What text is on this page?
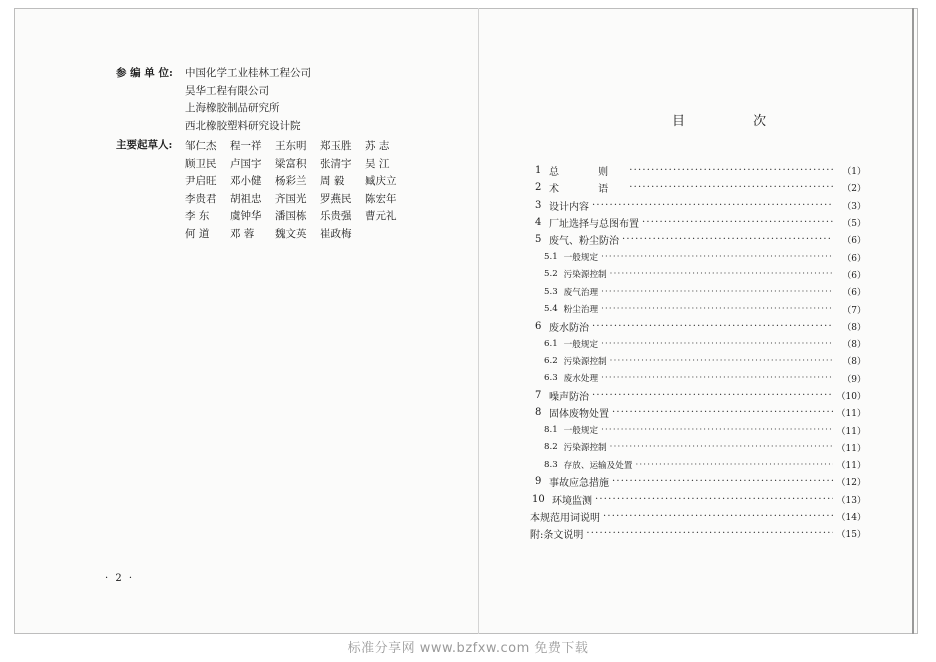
参 编 单 位:	中国化学工业桂林工程公司
昊华工程有限公司
上海橡胶制品研究所
西北橡胶塑料研究设计院
主要起草人:	邹仁杰	程一祥	王东明	郑玉胜	苏 志
顾卫民	卢国宇	梁富积	张清宇	吴 江
尹启旺	邓小健	杨彩兰	周 毅	臧庆立
李贵君	胡祖忠	齐国光	罗燕民	陈宏年
李 东	虞钟华	潘国栋	乐贵强	曹元礼
何 道	邓 蓉	魏文英	崔政梅
· 2 ·
目 次
1 总 则 ·····	（1）
2 术 语 ·····	（2）
3 设计内容 ·····	（3）
4 厂址选择与总图布置 ·····	（5）
5 废气、粉尘防治 ·····	（6）
5.1 一般规定 ·····	（6）
5.2 污染源控制 ·····	（6）
5.3 废气治理 ·····	（6）
5.4 粉尘治理 ·····	（7）
6 废水防治 ·····	（8）
6.1 一般规定 ·····	（8）
6.2 污染源控制 ·····	（8）
6.3 废水处理 ·····	（9）
7 噪声防治 ·····	（10）
8 固体废物处置 ·····	（11）
8.1 一般规定 ·····	（11）
8.2 污染源控制 ·····	（11）
8.3 存放、运输及处置 ·····	（11）
9 事故应急措施 ·····	（12）
10 环境监测 ·····	（13）
本规范用词说明 ·····	（14）
附:条文说明 ·····	（15）
标准分享网 www.bzfxw.com 免费下载
